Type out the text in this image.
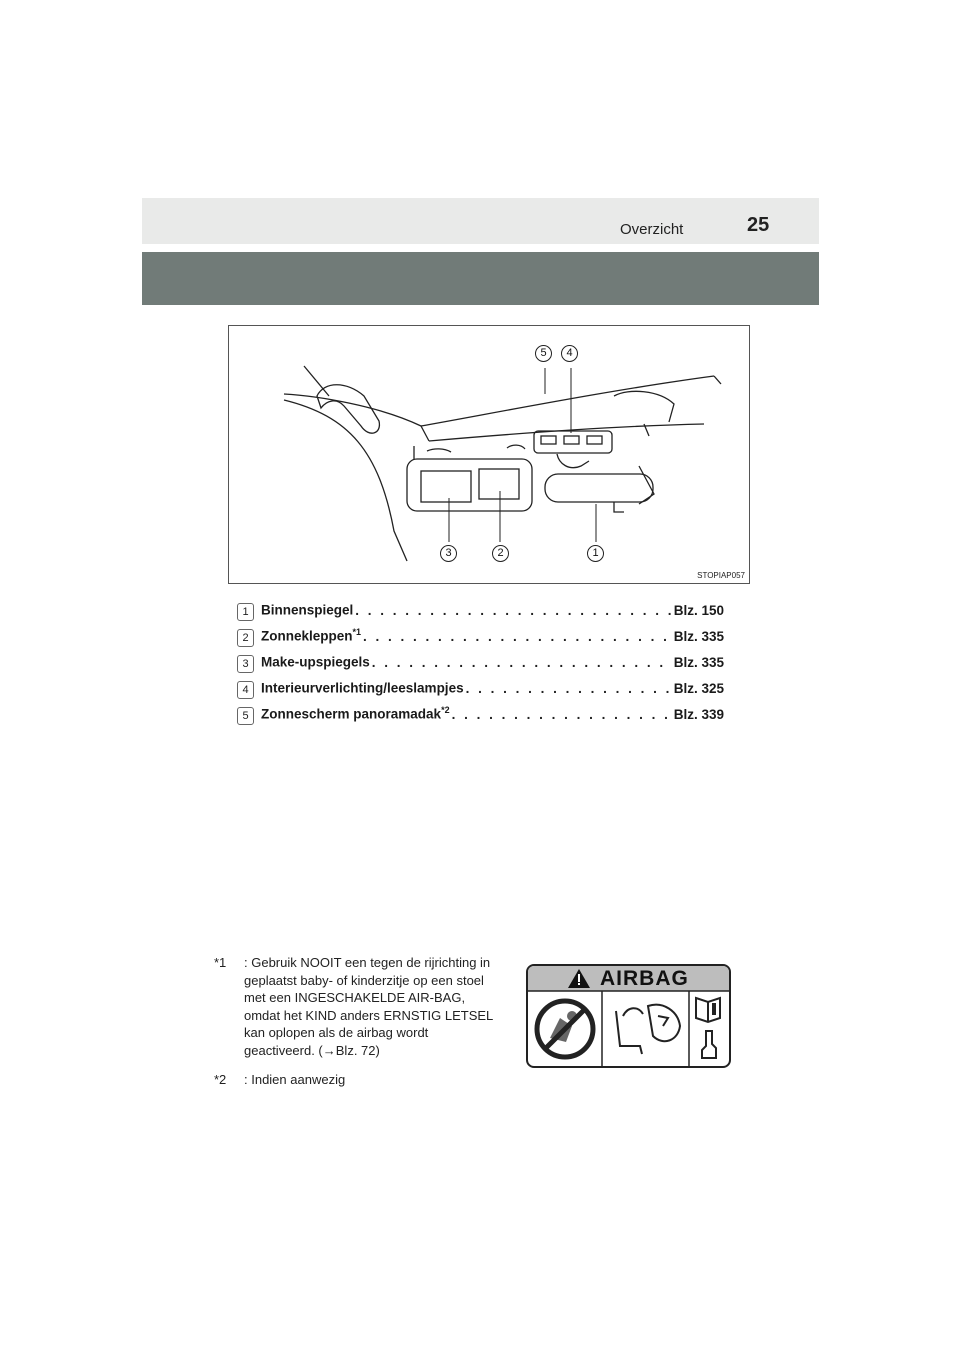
Overzicht	25
5	4
3	2	1
STOPIAP057
1 Binnenspiegel . . .	Blz. 150
2 Zonnekleppen$^{*1}$ . . .	Blz. 335
3 Make-upspiegels . . .	Blz. 335
4 Interieurverlichting/leeslampjes . . .	Blz. 325
5 Zonnescherm panoramadak$^{*2}$ . . .	Blz. 339
*1 : Gebruik NOOIT een tegen de rijrichting in geplaatst baby- of kinderzitje op een stoel met een INGESCHAKELDE AIR-BAG, omdat het KIND anders ERNSTIG LETSEL kan oplopen als de airbag wordt geactiveerd. (→Blz. 72)
*2 : Indien aanwezig
AIRBAG
